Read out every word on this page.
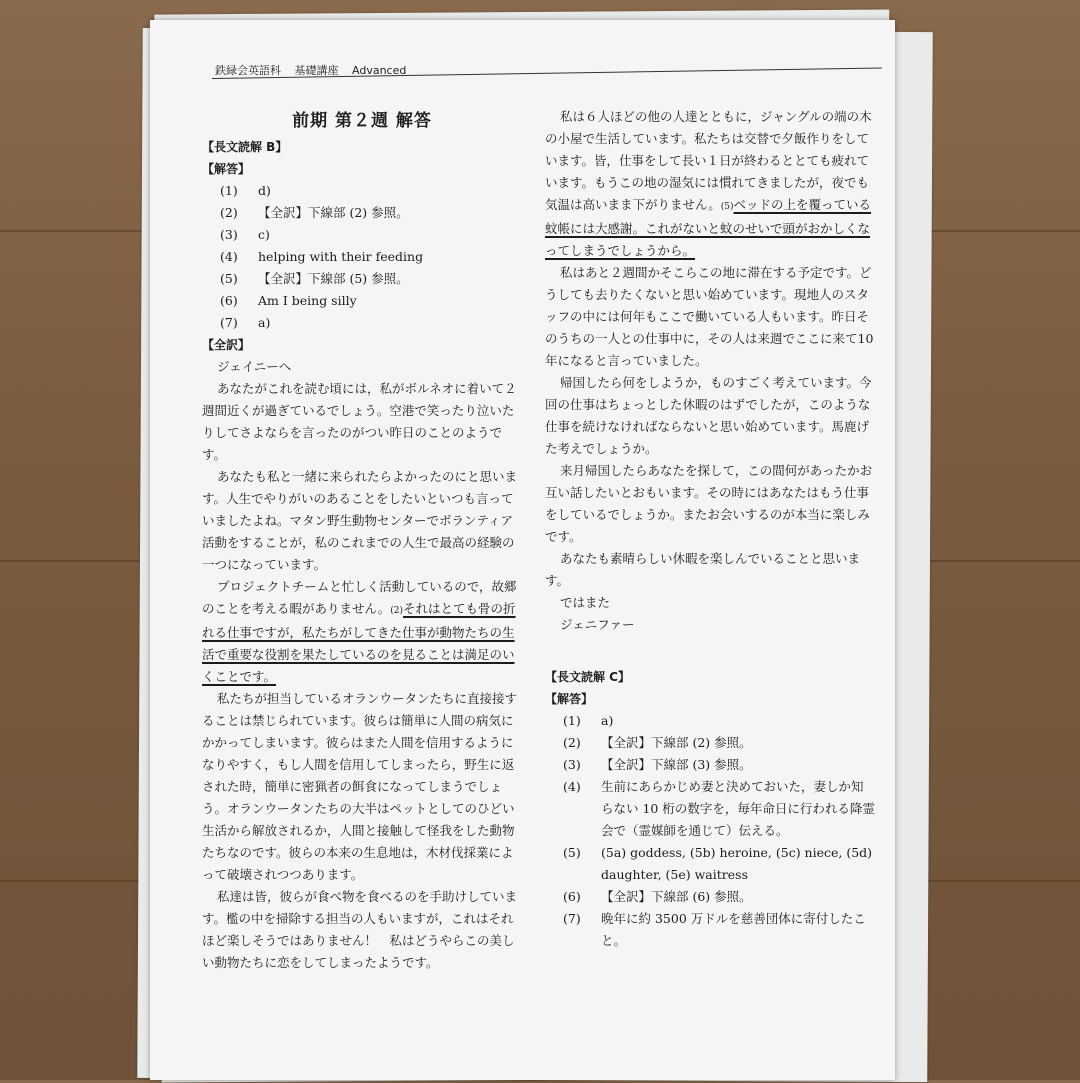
鉄緑会英語科 基礎講座 Advanced
前期 第２週 解答
【長文読解 B】
【解答】
(1)	d)
(2)	【全訳】下線部 (2) 参照。
(3)	c)
(4)	helping with their feeding
(5)	【全訳】下線部 (5) 参照。
(6)	Am I being silly
(7)	a)
【全訳】

ジェイニーへ

あなたがこれを読む頃には，私がボルネオに着いて２週間近くが過ぎているでしょう。空港で笑ったり泣いたりしてさよならを言ったのがつい昨日のことのようです。

あなたも私と一緒に来られたらよかったのにと思います。人生でやりがいのあることをしたいといつも言っていましたよね。マタン野生動物センターでボランティア活動をすることが，私のこれまでの人生で最高の経験の一つになっています。

プロジェクトチームと忙しく活動しているので，故郷のことを考える暇がありません。(2)それはとても骨の折れる仕事ですが，私たちがしてきた仕事が動物たちの生活で重要な役割を果たしているのを見ることは満足のいくことです。

私たちが担当しているオランウータンたちに直接接することは禁じられています。彼らは簡単に人間の病気にかかってしまいます。彼らはまた人間を信用するようになりやすく，もし人間を信用してしまったら，野生に返された時，簡単に密猟者の餌食になってしまうでしょう。オランウータンたちの大半はペットとしてのひどい生活から解放されるか，人間と接触して怪我をした動物たちなのです。彼らの本来の生息地は，木材伐採業によって破壊されつつあります。

私達は皆，彼らが食べ物を食べるのを手助けしています。檻の中を掃除する担当の人もいますが，これはそれほど楽しそうではありません！　私はどうやらこの美しい動物たちに恋をしてしまったようです。

私は６人ほどの他の人達とともに，ジャングルの端の木の小屋で生活しています。私たちは交替で夕飯作りをしています。皆，仕事をして長い１日が終わるととても疲れています。もうこの地の湿気には慣れてきましたが，夜でも気温は高いまま下がりません。(5)ベッドの上を覆っている蚊帳には大感謝。これがないと蚊のせいで頭がおかしくなってしまうでしょうから。

私はあと２週間かそこらこの地に滞在する予定です。どうしても去りたくないと思い始めています。現地人のスタッフの中には何年もここで働いている人もいます。昨日そのうちの一人との仕事中に，その人は来週でここに来て10年になると言っていました。

帰国したら何をしようか，ものすごく考えています。今回の仕事はちょっとした休暇のはずでしたが，このような仕事を続けなければならないと思い始めています。馬鹿げた考えでしょうか。

来月帰国したらあなたを探して，この間何があったかお互い話したいとおもいます。その時にはあなたはもう仕事をしているでしょうか。またお会いするのが本当に楽しみです。

あなたも素晴らしい休暇を楽しんでいることと思います。

ではまた

ジェニファー

【長文読解 C】
【解答】
(1)	a)
(2)	【全訳】下線部 (2) 参照。
(3)	【全訳】下線部 (3) 参照。
(4)	生前にあらかじめ妻と決めておいた，妻しか知らない 10 桁の数字を，毎年命日に行われる降霊会で（霊媒師を通じて）伝える。
(5)	(5a) goddess, (5b) heroine, (5c) niece, (5d) daughter, (5e) waitress
(6)	【全訳】下線部 (6) 参照。
(7)	晩年に約 3500 万ドルを慈善団体に寄付したこと。
